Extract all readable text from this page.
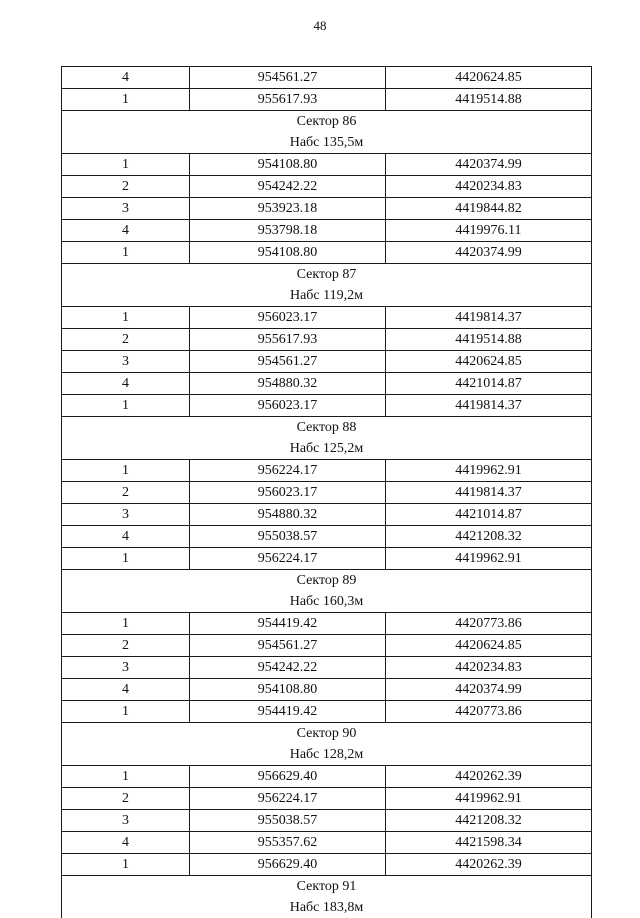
48
4	954561.27	4420624.85
1	955617.93	4419514.88

Сектор 86
Набс 135,5м		

1	954108.80	4420374.99
2	954242.22	4420234.83
3	953923.18	4419844.82
4	953798.18	4419976.11
1	954108.80	4420374.99

Сектор 87
Набс 119,2м		

1	956023.17	4419814.37
2	955617.93	4419514.88
3	954561.27	4420624.85
4	954880.32	4421014.87
1	956023.17	4419814.37

Сектор 88
Набс 125,2м		

1	956224.17	4419962.91
2	956023.17	4419814.37
3	954880.32	4421014.87
4	955038.57	4421208.32
1	956224.17	4419962.91

Сектор 89
Набс 160,3м		

1	954419.42	4420773.86
2	954561.27	4420624.85
3	954242.22	4420234.83
4	954108.80	4420374.99
1	954419.42	4420773.86

Сектор 90
Набс 128,2м		

1	956629.40	4420262.39
2	956224.17	4419962.91
3	955038.57	4421208.32
4	955357.62	4421598.34
1	956629.40	4420262.39

Сектор 91
Набс 183,8м		
